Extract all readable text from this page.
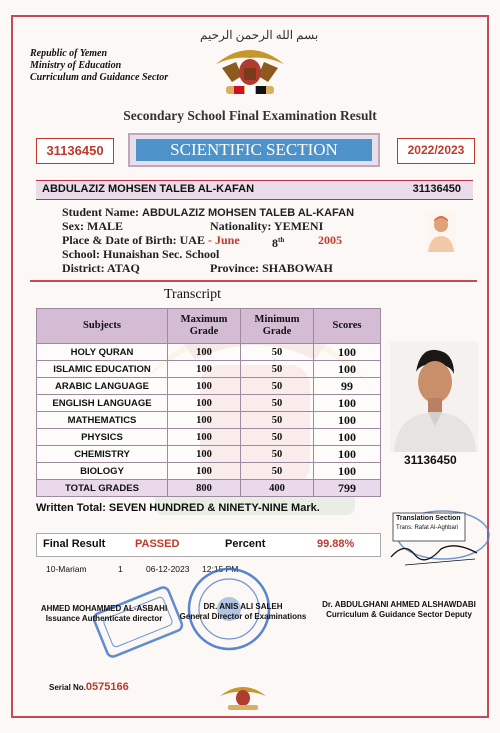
بسم الله الرحمن الرحيم
Republic of Yemen
Ministry of Education
Curriculum and Guidance Sector
Secondary School Final Examination Result
31136450	SCIENTIFIC SECTION	2022/2023
ABDULAZIZ MOHSEN TALEB AL-KAFAN	31136450
Student Name: ABDULAZIZ MOHSEN TALEB AL-KAFAN
Sex: MALE	Nationality: YEMENI
Place & Date of Birth: UAE - June	8th	2005
School: Hunaishan Sec. School
District: ATAQ	Province: SHABOWAH
Transcript
Subjects	Maximum Grade	Minimum Grade	Scores
HOLY QURAN	100	50	100
ISLAMIC EDUCATION	100	50	100
ARABIC LANGUAGE	100	50	99
ENGLISH LANGUAGE	100	50	100
MATHEMATICS	100	50	100
PHYSICS	100	50	100
CHEMISTRY	100	50	100
BIOLOGY	100	50	100
TOTAL GRADES	800	400	799
31136450
Written Total: SEVEN HUNDRED & NINETY-NINE Mark.
Final Result	PASSED	Percent	99.88%
Translation Section
Trans. Rafat Al-Aghbari
10-Mariam	1	06-12-2023 12:15 PM
AHMED MOHAMMED AL-ASBAHI
Issuance Authenticate director
DR. ANIS ALI SALEH
General Director of Examinations
Dr. ABDULGHANI AHMED ALSHAWDABI
Curriculum & Guidance Sector Deputy
Serial No.0575166
